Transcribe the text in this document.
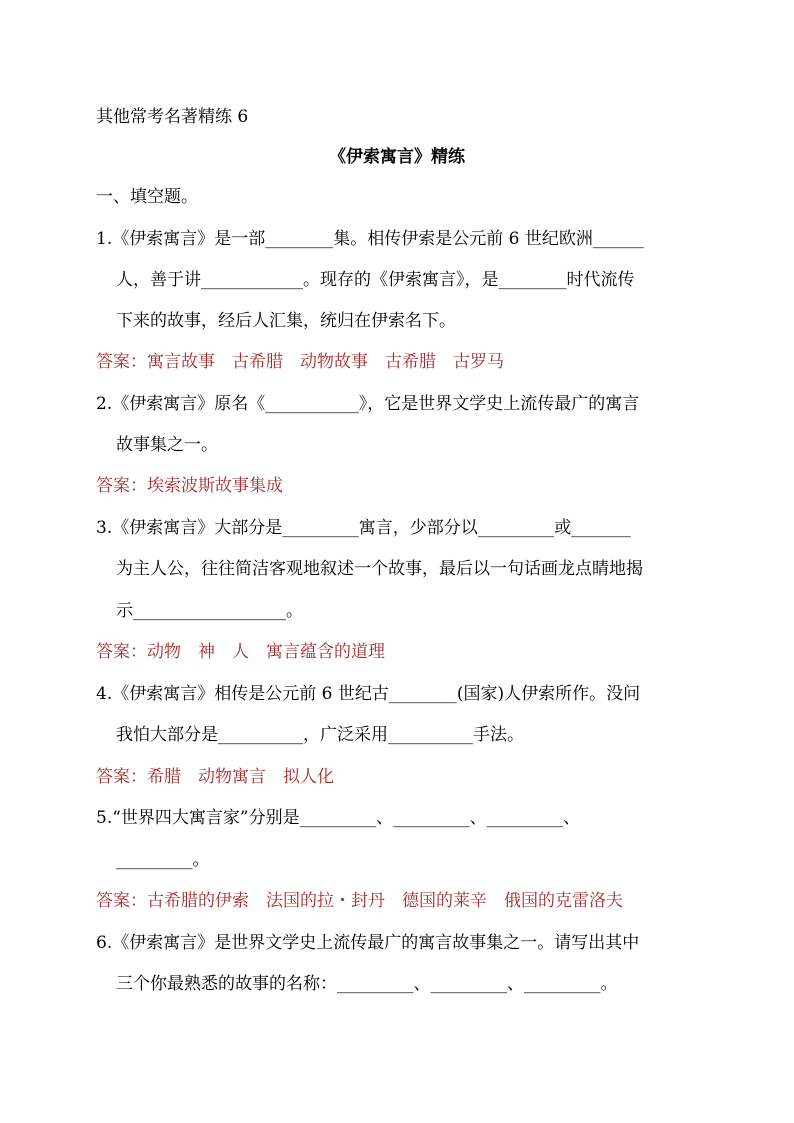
其他常考名著精练 6
《伊索寓言》精练
一、填空题。
1.《伊索寓言》是一部________集。相传伊索是公元前 6 世纪欧洲______
人，善于讲____________。现存的《伊索寓言》，是________时代流传
下来的故事，经后人汇集，统归在伊索名下。
答案：寓言故事　古希腊　动物故事　古希腊　古罗马
2.《伊索寓言》原名《___________》，它是世界文学史上流传最广的寓言
故事集之一。
答案：埃索波斯故事集成
3.《伊索寓言》大部分是_________寓言，少部分以_________或_______
为主人公，往往简洁客观地叙述一个故事，最后以一句话画龙点睛地揭
示__________________。
答案：动物　神　人　寓言蕴含的道理
4.《伊索寓言》相传是公元前 6 世纪古________(国家)人伊索所作。没问
我怕大部分是__________，广泛采用__________手法。
答案：希腊　动物寓言　拟人化
5.“世界四大寓言家”分别是_________、_________、_________、
_________。
答案：古希腊的伊索　法国的拉・封丹　德国的莱辛　俄国的克雷洛夫
6.《伊索寓言》是世界文学史上流传最广的寓言故事集之一。请写出其中
三个你最熟悉的故事的名称：_________、_________、_________。
